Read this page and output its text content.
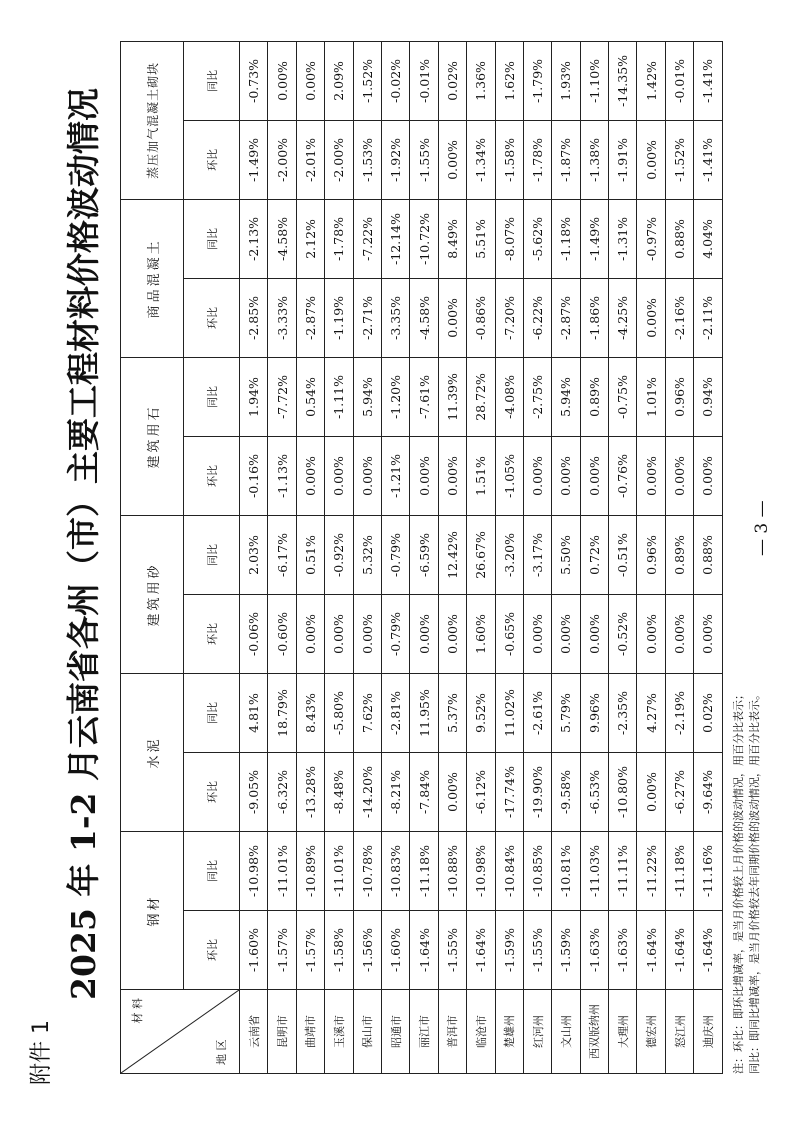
附件 1
2025 年 1-2 月云南省各州（市）主要工程材料价格波动情况
材 料
地 区	钢材		水泥		建筑用砂		建筑用石		商品混凝土		蒸压加气混凝土砌块	
	环比	同比	环比	同比	环比	同比	环比	同比	环比	同比	环比	同比
云南省	-1.60%	-10.98%	-9.05%	4.81%	-0.06%	2.03%	-0.16%	1.94%	-2.85%	-2.13%	-1.49%	-0.73%
昆明市	-1.57%	-11.01%	-6.32%	18.79%	-0.60%	-6.17%	-1.13%	-7.72%	-3.33%	-4.58%	-2.00%	0.00%
曲靖市	-1.57%	-10.89%	-13.28%	8.43%	0.00%	0.51%	0.00%	0.54%	-2.87%	2.12%	-2.01%	0.00%
玉溪市	-1.58%	-11.01%	-8.48%	-5.80%	0.00%	-0.92%	0.00%	-1.11%	-1.19%	-1.78%	-2.00%	2.09%
保山市	-1.56%	-10.78%	-14.20%	7.62%	0.00%	5.32%	0.00%	5.94%	-2.71%	-7.22%	-1.53%	-1.52%
昭通市	-1.60%	-10.83%	-8.21%	-2.81%	-0.79%	-0.79%	-1.21%	-1.20%	-3.35%	-12.14%	-1.92%	-0.02%
丽江市	-1.64%	-11.18%	-7.84%	11.95%	0.00%	-6.59%	0.00%	-7.61%	-4.58%	-10.72%	-1.55%	-0.01%
普洱市	-1.55%	-10.88%	0.00%	5.37%	0.00%	12.42%	0.00%	11.39%	0.00%	8.49%	0.00%	0.02%
临沧市	-1.64%	-10.98%	-6.12%	9.52%	1.60%	26.67%	1.51%	28.72%	-0.86%	5.51%	-1.34%	1.36%
楚雄州	-1.59%	-10.84%	-17.74%	11.02%	-0.65%	-3.20%	-1.05%	-4.08%	-7.20%	-8.07%	-1.58%	1.62%
红河州	-1.55%	-10.85%	-19.90%	-2.61%	0.00%	-3.17%	0.00%	-2.75%	-6.22%	-5.62%	-1.78%	-1.79%
文山州	-1.59%	-10.81%	-9.58%	5.79%	0.00%	5.50%	0.00%	5.94%	-2.87%	-1.18%	-1.87%	1.93%
西双版纳州	-1.63%	-11.03%	-6.53%	9.96%	0.00%	0.72%	0.00%	0.89%	-1.86%	-1.49%	-1.38%	-1.10%
大理州	-1.63%	-11.11%	-10.80%	-2.35%	-0.52%	-0.51%	-0.76%	-0.75%	-4.25%	-1.31%	-1.91%	-14.35%
德宏州	-1.64%	-11.22%	0.00%	4.27%	0.00%	0.96%	0.00%	1.01%	0.00%	-0.97%	0.00%	1.42%
怒江州	-1.64%	-11.18%	-6.27%	-2.19%	0.00%	0.89%	0.00%	0.96%	-2.16%	0.88%	-1.52%	-0.01%
迪庆州	-1.64%	-11.16%	-9.64%	0.02%	0.00%	0.88%	0.00%	0.94%	-2.11%	4.04%	-1.41%	-1.41%
注：环比：即环比增减率，是当月价格较上月价格的波动情况，用百分比表示； 同比：即同比增减率，是当月价格较去年同期价格的波动情况，用百分比表示。
— 3 —
